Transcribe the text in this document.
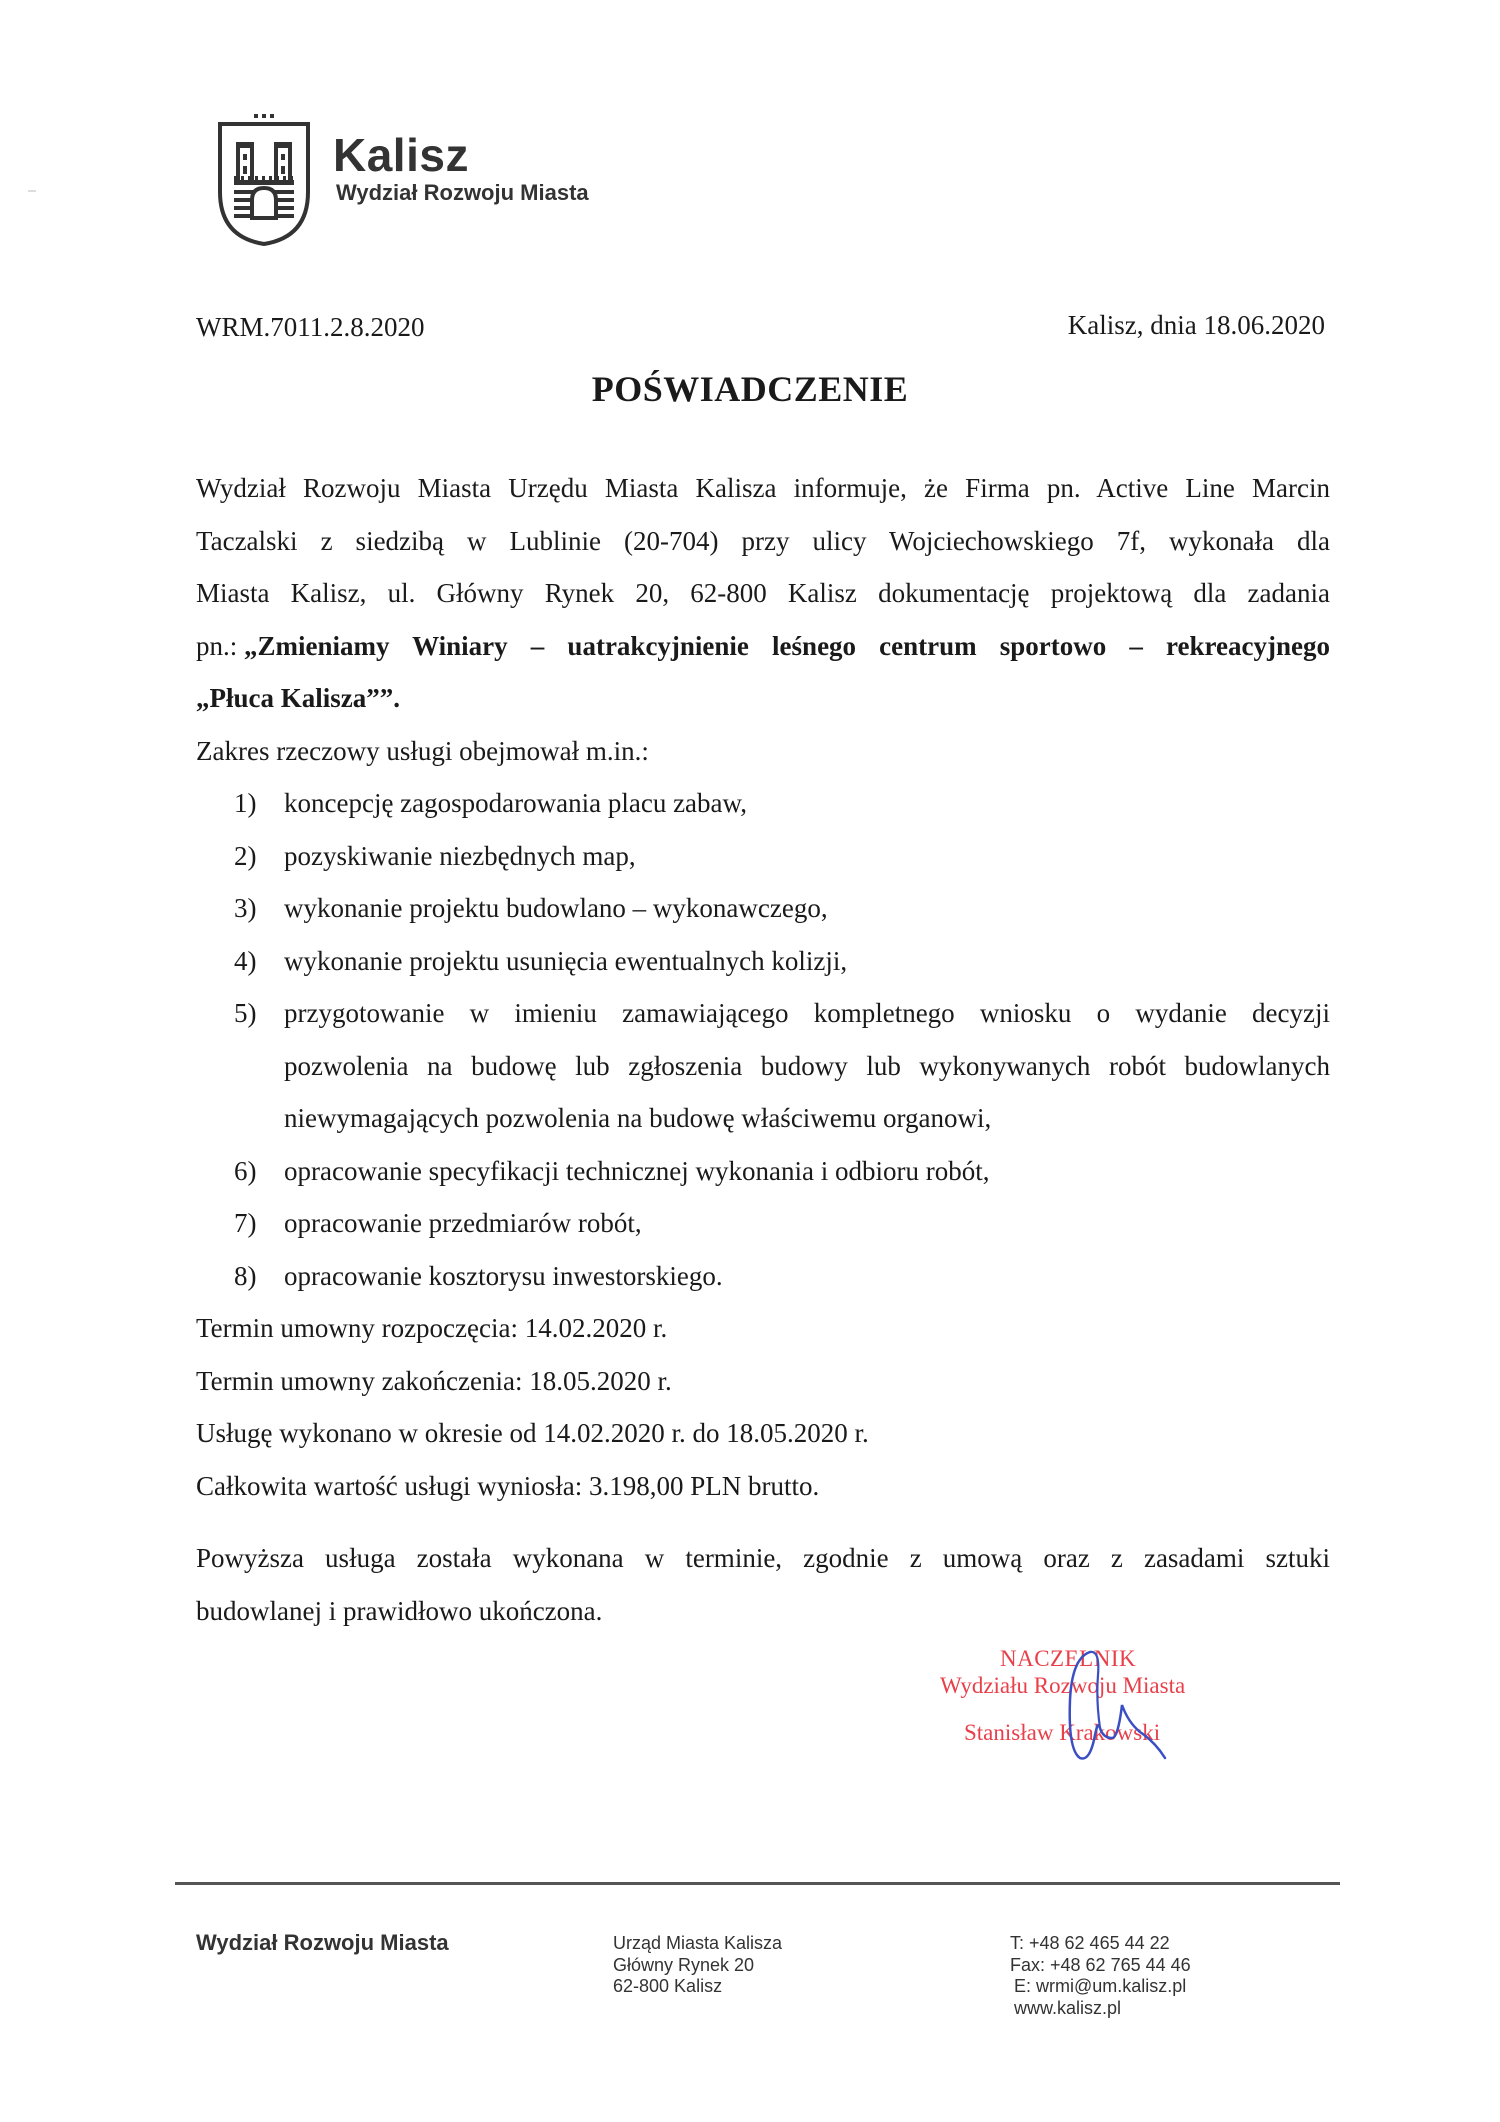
Kalisz
Wydział Rozwoju Miasta
WRM.7011.2.8.2020	Kalisz, dnia 18.06.2020
POŚWIADCZENIE
Wydział Rozwoju Miasta Urzędu Miasta Kalisza informuje, że Firma pn. Active Line Marcin
Taczalski z siedzibą w Lublinie (20-704) przy ulicy Wojciechowskiego 7f, wykonała dla
Miasta Kalisz, ul. Główny Rynek 20, 62-800 Kalisz dokumentację projektową dla zadania
pn.: „Zmieniamy Winiary – uatrakcyjnienie leśnego centrum sportowo – rekreacyjnego
„Płuca Kalisza””.
Zakres rzeczowy usługi obejmował m.in.:
1) koncepcję zagospodarowania placu zabaw,
2) pozyskiwanie niezbędnych map,
3) wykonanie projektu budowlano – wykonawczego,
4) wykonanie projektu usunięcia ewentualnych kolizji,
5) przygotowanie w imieniu zamawiającego kompletnego wniosku o wydanie decyzji
pozwolenia na budowę lub zgłoszenia budowy lub wykonywanych robót budowlanych
niewymagających pozwolenia na budowę właściwemu organowi,
6) opracowanie specyfikacji technicznej wykonania i odbioru robót,
7) opracowanie przedmiarów robót,
8) opracowanie kosztorysu inwestorskiego.
Termin umowny rozpoczęcia: 14.02.2020 r.
Termin umowny zakończenia: 18.05.2020 r.
Usługę wykonano w okresie od 14.02.2020 r. do 18.05.2020 r.
Całkowita wartość usługi wyniosła: 3.198,00 PLN brutto.
Powyższa usługa została wykonana w terminie, zgodnie z umową oraz z zasadami sztuki
budowlanej i prawidłowo ukończona.
NACZELNIK
Wydziału Rozwoju Miasta
Stanisław Krakowski
Wydział Rozwoju Miasta	Urząd Miasta Kalisza
Główny Rynek 20
62-800 Kalisz
T: +48 62 465 44 22
Fax: +48 62 765 44 46
E: wrmi@um.kalisz.pl
www.kalisz.pl
